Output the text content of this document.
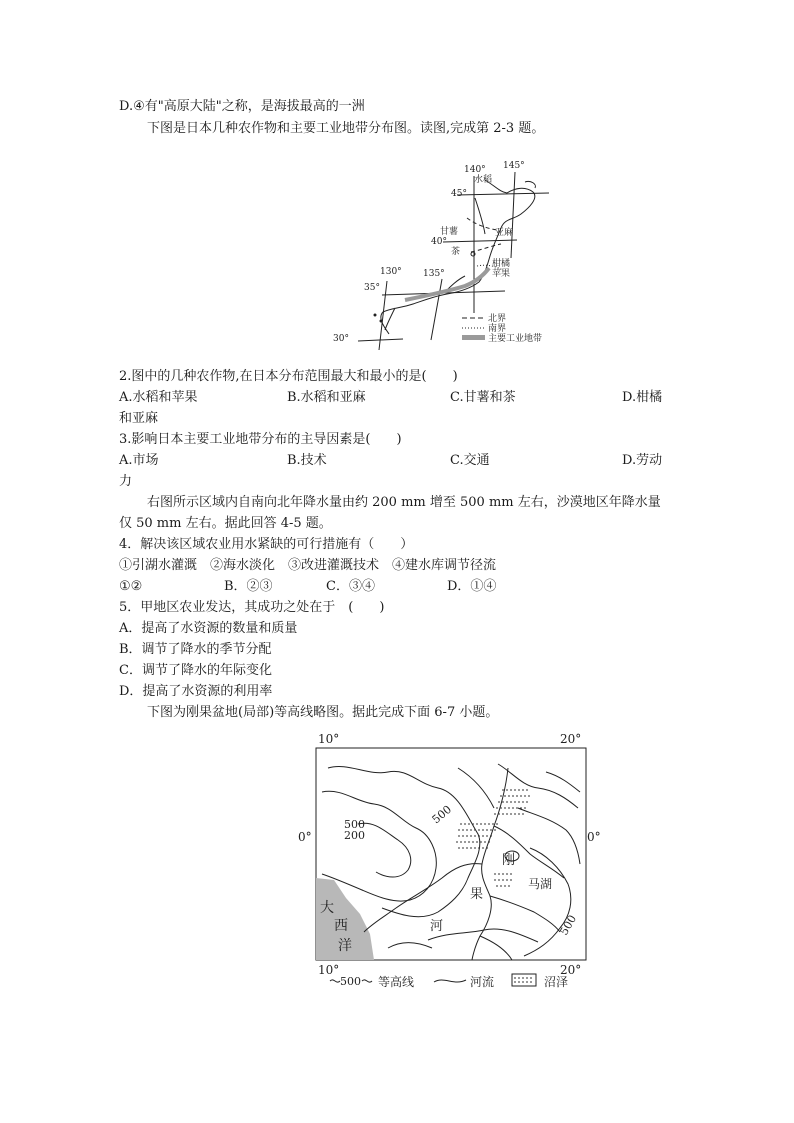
D.④有"高原大陆"之称，是海拔最高的一洲
下图是日本几种农作物和主要工业地带分布图。读图,完成第 2-3 题。
140° 145°
水稻
45°
甘薯	亚麻
40°
茶
柑橘
苹果
130° 135°
35°
30°
北界
南界
主要工业地带
2.图中的几种农作物,在日本分布范围最大和最小的是(　　)
A.水稻和苹果	B.水稻和亚麻	C.甘薯和茶	D.柑橘
和亚麻
3.影响日本主要工业地带分布的主导因素是(　　)
A.市场	B.技术	C.交通	D.劳动
力
右图所示区域内自南向北年降水量由约 200 mm 增至 500 mm 左右，沙漠地区年降水量
仅 50 mm 左右。据此回答 4-5 题。
4．解决该区域农业用水紧缺的可行措施有（　　）
①引湖水灌溉　②海水淡化　③改进灌溉技术　④建水库调节径流
①②	B．②③	C．③④	D．①④
5．甲地区农业发达，其成功之处在于　(　　)
A．提高了水资源的数量和质量
B．调节了降水的季节分配
C．调节了降水的年际变化
D．提高了水资源的利用率
下图为刚果盆地(局部)等高线略图。据此完成下面 6-7 小题。
10°	20°
10°	20°
0°	0°
500
200
500
500
刚
果
河
马湖
大
西
洋
500 等高线	河流	沼泽
